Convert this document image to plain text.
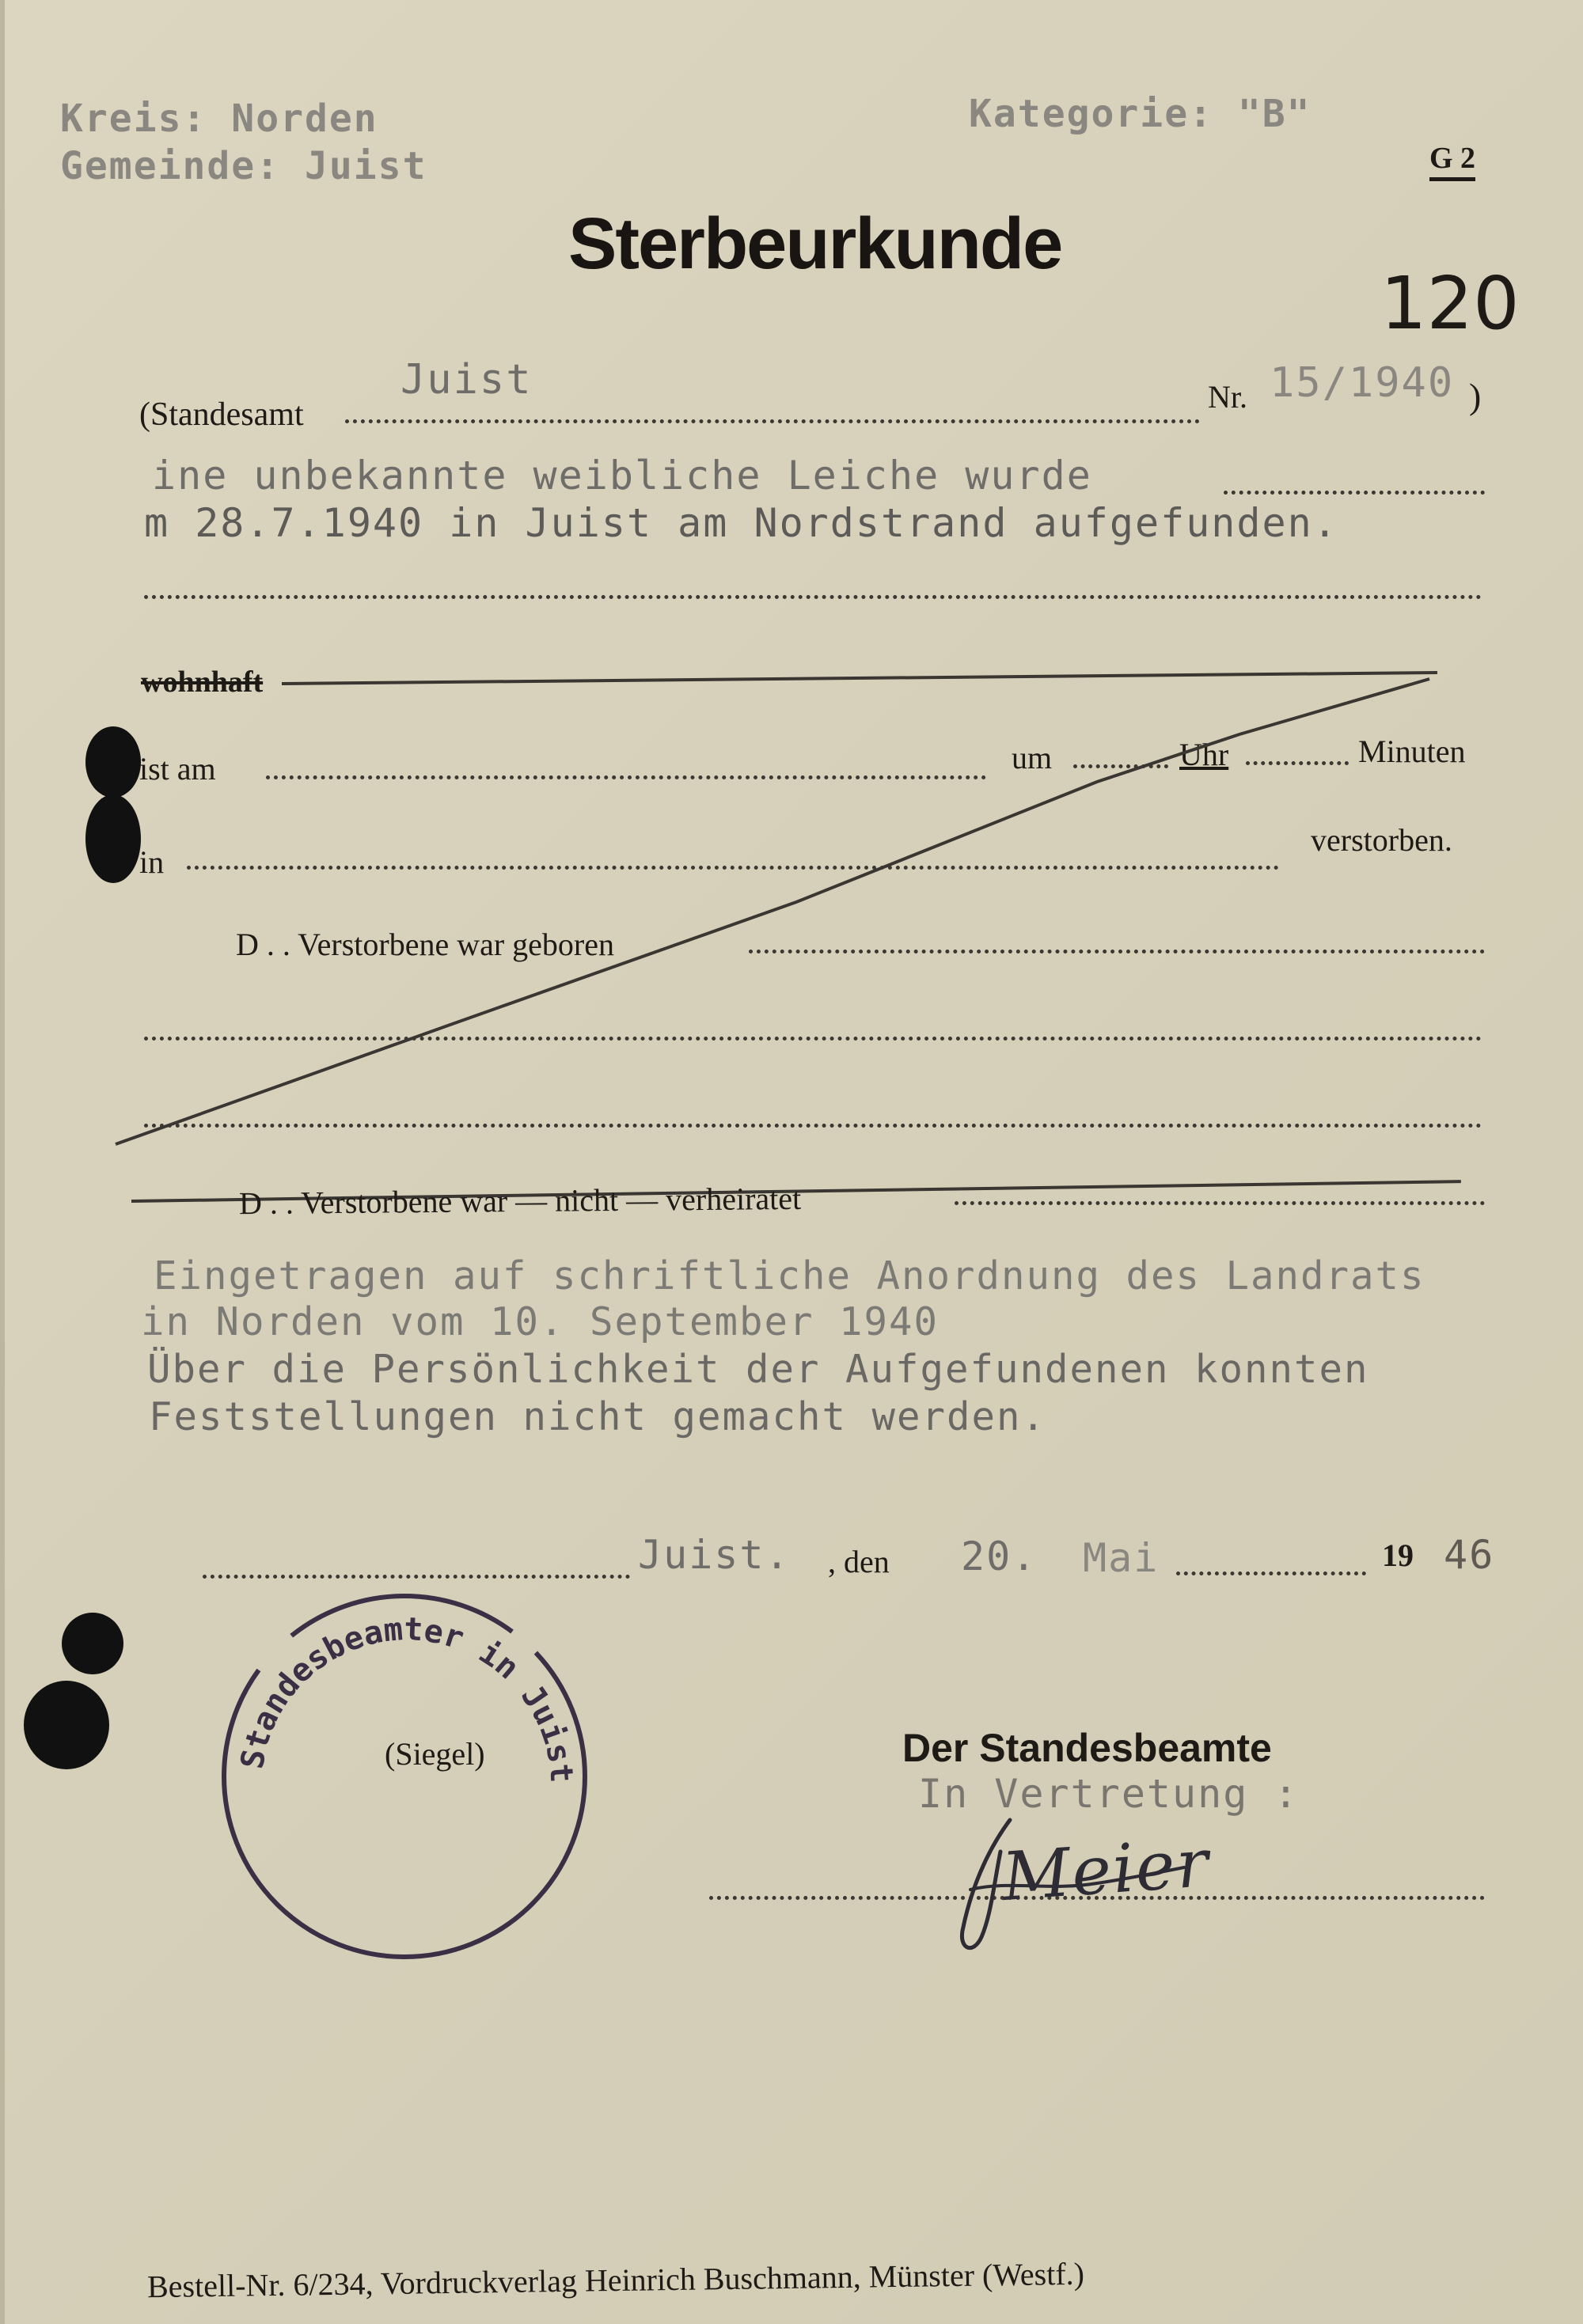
Kreis: Norden
Gemeinde: Juist
Kategorie: "B"
G 2
Sterbeurkunde
120
Juist
(Standesamt	Nr. 15/1940 )
ine unbekannte weibliche Leiche wurde
m 28.7.1940 in Juist am Nordstrand aufgefunden.
wohnhaft
ist am	um	Uhr	Minuten
in
verstorben.
D . . Verstorbene war geboren
D . . Verstorbene war — nicht — verheiratet
Eingetragen auf schriftliche Anordnung des Landrats
in Norden vom 10. September 1940
Über die Persönlichkeit der Aufgefundenen konnten
Feststellungen nicht gemacht werden.
Juist. , den 20. Mai	19 46
Standesbeamter in Juist
(Siegel)	Der Standesbeamte
In Vertretung :
Meier
Bestell-Nr. 6/234, Vordruckverlag Heinrich Buschmann, Münster (Westf.)
